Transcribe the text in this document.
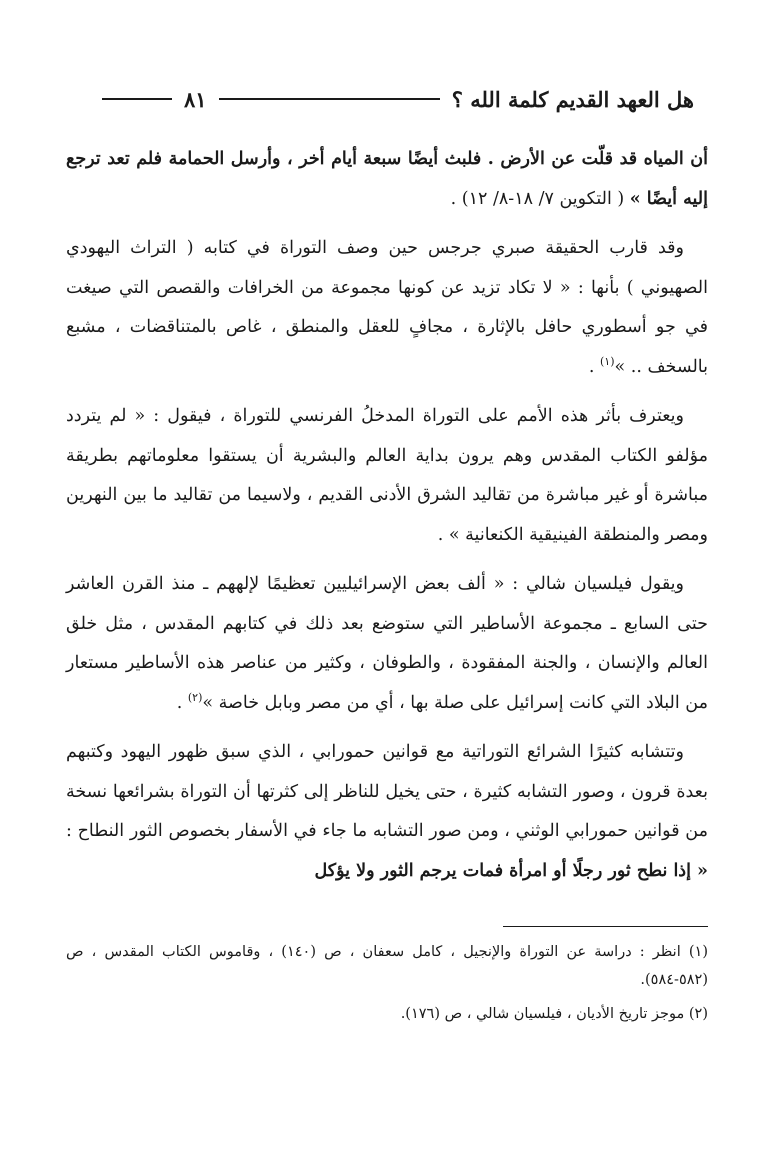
هل العهد القديم كلمة الله ؟
٨١

أن المياه قد قلّت عن الأرض . فلبث أيضًا سبعة أيام أخر ، وأرسل الحمامة فلم تعد ترجع إليه أيضًا » ( التكوين ٧/ ١٨-٨/ ١٢) .

وقد قارب الحقيقة صبري جرجس حين وصف التوراة في كتابه ( التراث اليهودي الصهيوني ) بأنها : « لا تكاد تزيد عن كونها مجموعة من الخرافات والقصص التي صيغت في جو أسطوري حافل بالإثارة ، مجافٍ للعقل والمنطق ، غاص بالمتناقضات ، مشبع بالسخف .. »$^{(١)}$ .

ويعترف بأثر هذه الأمم على التوراة المدخلُ الفرنسي للتوراة ، فيقول : « لم يتردد مؤلفو الكتاب المقدس وهم يرون بداية العالم والبشرية أن يستقوا معلوماتهم بطريقة مباشرة أو غير مباشرة من تقاليد الشرق الأدنى القديم ، ولاسيما من تقاليد ما بين النهرين ومصر والمنطقة الفينيقية الكنعانية » .

ويقول فيلسيان شالي : « ألف بعض الإسرائيليين تعظيمًا لإلههم ـ منذ القرن العاشر حتى السابع ـ مجموعة الأساطير التي ستوضع بعد ذلك في كتابهم المقدس ، مثل خلق العالم والإنسان ، والجنة المفقودة ، والطوفان ، وكثير من عناصر هذه الأساطير مستعار من البلاد التي كانت إسرائيل على صلة بها ، أي من مصر وبابل خاصة »$^{(٢)}$ .

وتتشابه كثيرًا الشرائع التوراتية مع قوانين حمورابي ، الذي سبق ظهور اليهود وكتبهم بعدة قرون ، وصور التشابه كثيرة ، حتى يخيل للناظر إلى كثرتها أن التوراة بشرائعها نسخة من قوانين حمورابي الوثني ، ومن صور التشابه ما جاء في الأسفار بخصوص الثور النطاح : « إذا نطح ثور رجلًا أو امرأة فمات يرجم الثور ولا يؤكل

(١) انظر : دراسة عن التوراة والإنجيل ، كامل سعفان ، ص (١٤٠) ، وقاموس الكتاب المقدس ، ص (٥٨٢-٥٨٤).

(٢) موجز تاريخ الأديان ، فيلسيان شالي ، ص (١٧٦).
